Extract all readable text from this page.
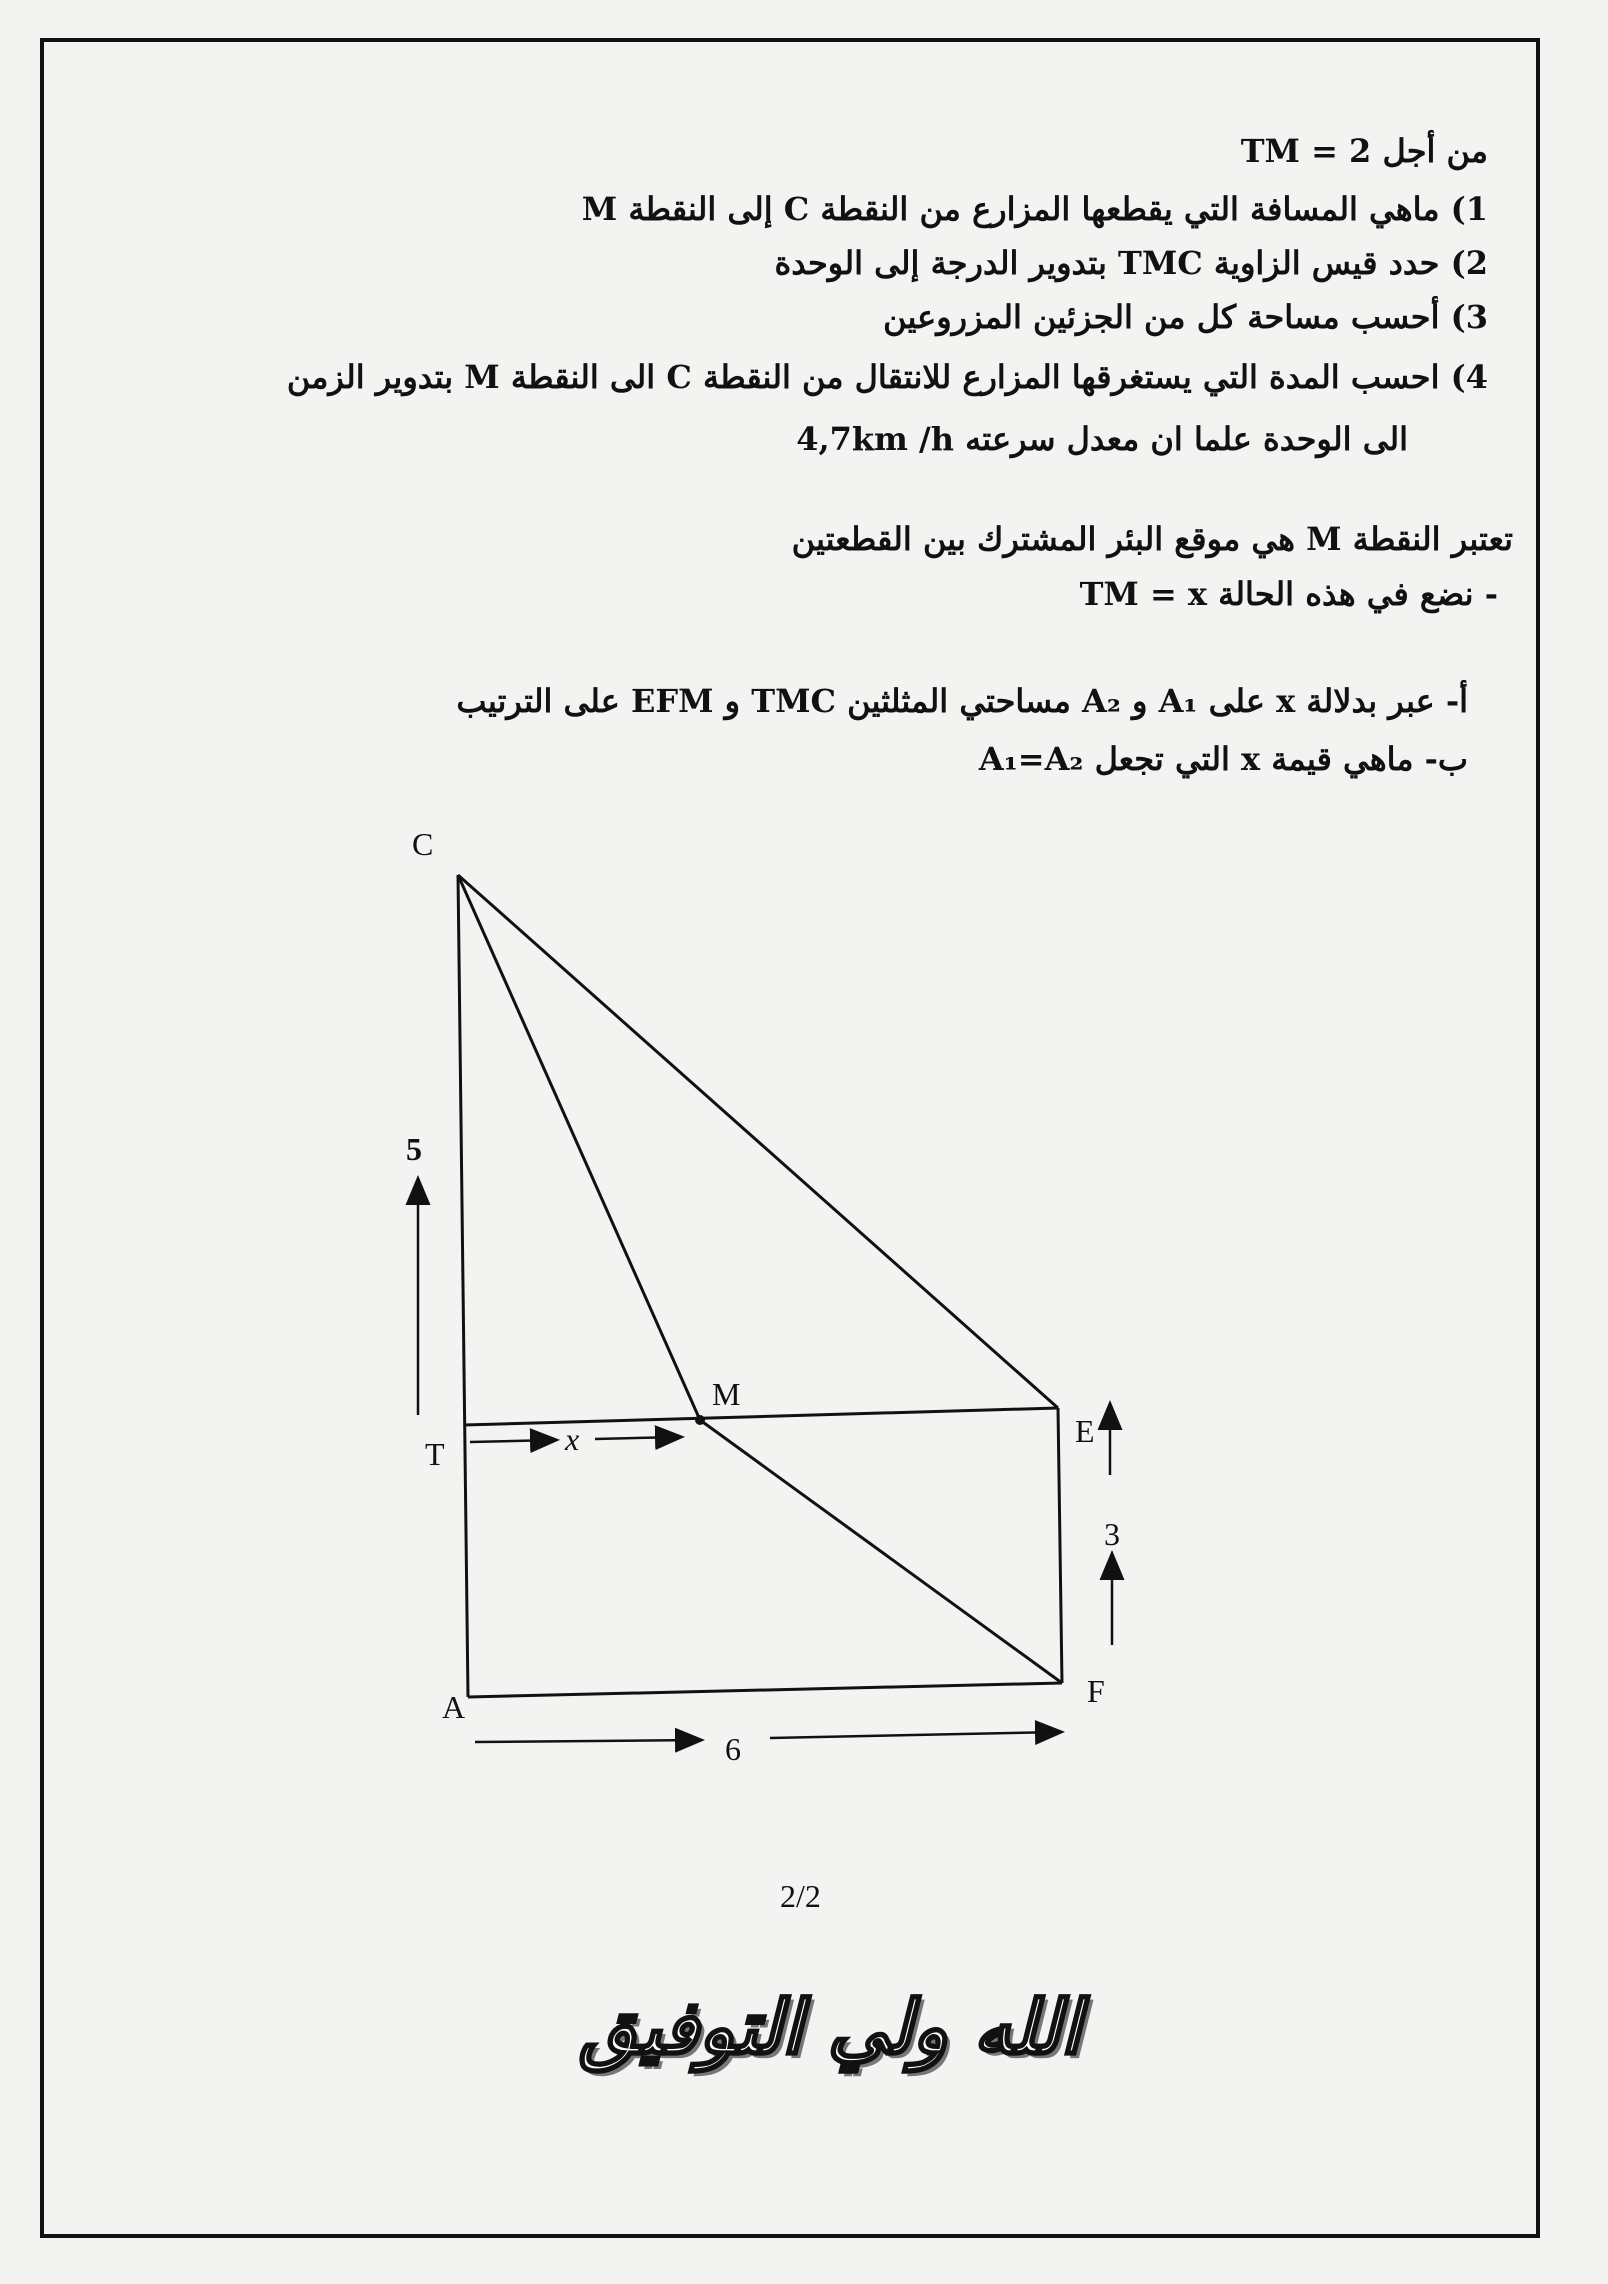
من أجل TM = 2
1) ماهي المسافة التي يقطعها المزارع من النقطة C إلى النقطة M
2) حدد قيس الزاوية TMC بتدوير الدرجة إلى الوحدة
3) أحسب مساحة كل من الجزئين المزروعين
4) احسب المدة التي يستغرقها المزارع للانتقال من النقطة C الى النقطة M بتدوير الزمن
الى الوحدة علما ان معدل سرعته 4,7km /h
تعتبر النقطة M هي موقع البئر المشترك بين القطعتين
- نضع في هذه الحالة TM = x
أ- عبر بدلالة x على A₁ و A₂ مساحتي المثلثين TMC و EFM على الترتيب
ب- ماهي قيمة x التي تجعل A₁=A₂
C
T
M
E
A	F
5
x
3
6
2/2
الله ولي التوفيق
